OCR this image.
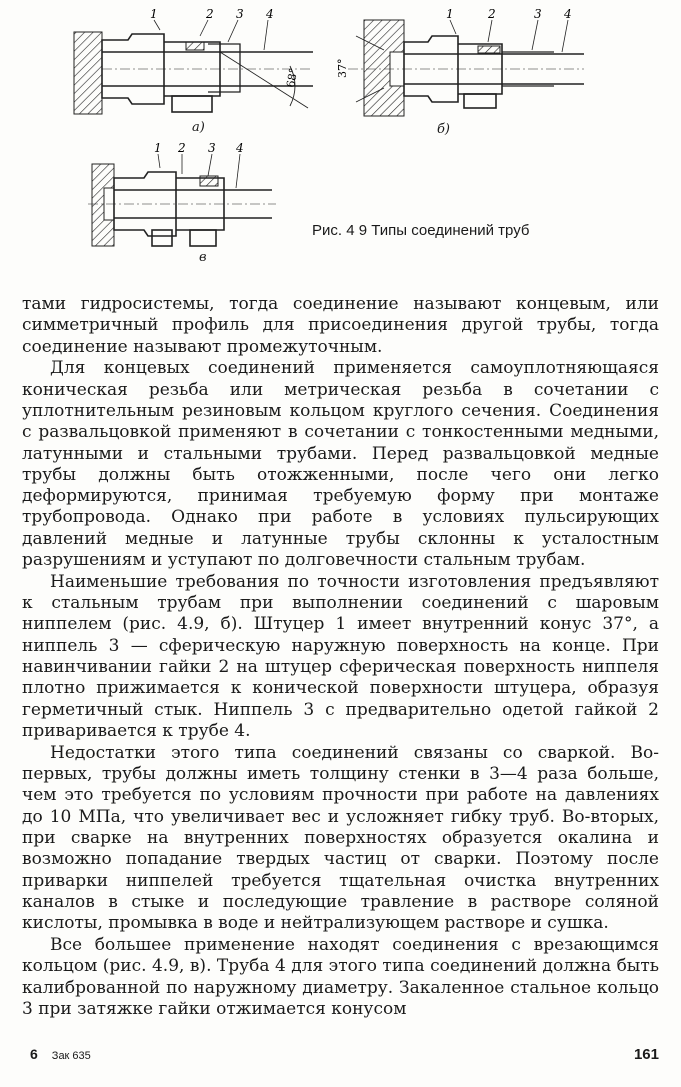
1	2 3 4
68°
а)
1	2	3 4
37°
б)
1 2 3 4
в
Рис. 4 9 Типы соединений труб

тами гидросистемы, тогда соединение называют концевым, или симметричный профиль для присоединения другой трубы, тогда соединение называют промежуточным.

Для концевых соединений применяется самоуплотняющаяся коническая резьба или метрическая резьба в сочетании с уплотнительным резиновым кольцом круглого сечения. Соединения с развальцовкой применяют в сочетании с тонкостенными медными, латунными и стальными трубами. Перед развальцовкой медные трубы должны быть отожженными, после чего они легко деформируются, принимая требуемую форму при монтаже трубопровода. Однако при работе в условиях пульсирующих давлений медные и латунные трубы склонны к усталостным разрушениям и уступают по долговечности стальным трубам.

Наименьшие требования по точности изготовления предъявляют к стальным трубам при выполнении соединений с шаровым ниппелем (рис. 4.9, б). Штуцер 1 имеет внутренний конус 37°, а ниппель 3 — сферическую наружную поверхность на конце. При навинчивании гайки 2 на штуцер сферическая поверхность ниппеля плотно прижимается к конической поверхности штуцера, образуя герметичный стык. Ниппель 3 с предварительно одетой гайкой 2 приваривается к трубе 4.

Недостатки этого типа соединений связаны со сваркой. Во-первых, трубы должны иметь толщину стенки в 3—4 раза больше, чем это требуется по условиям прочности при работе на давлениях до 10 МПа, что увеличивает вес и усложняет гибку труб. Во-вторых, при сварке на внутренних поверхностях образуется окалина и возможно попадание твердых частиц от сварки. Поэтому после приварки ниппелей требуется тщательная очистка внутренних каналов в стыке и последующие травление в растворе соляной кислоты, промывка в воде и нейтрализующем растворе и сушка.

Все большее применение находят соединения с врезающимся кольцом (рис. 4.9, в). Труба 4 для этого типа соединений должна быть калиброванной по наружному диаметру. Закаленное стальное кольцо 3 при затяжке гайки отжимается конусом

6 Зак 635	161
